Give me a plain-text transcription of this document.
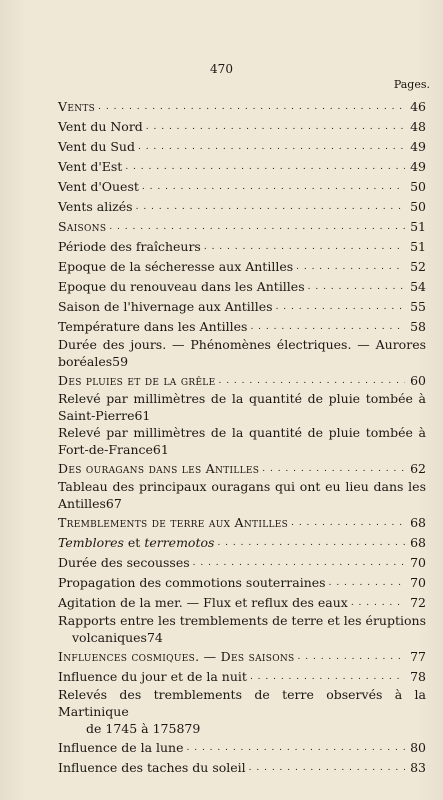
470
Pages.
Vents . . .	46
Vent du Nord . . .	48
Vent du Sud . . .	49
Vent d'Est . . .	49
Vent d'Ouest . . .	50
Vents alizés . . .	50
Saisons . . .	51
Période des fraîcheurs . . .	51
Epoque de la sécheresse aux Antilles . . .	52
Epoque du renouveau dans les Antilles . . .	54
Saison de l'hivernage aux Antilles . . .	55
Température dans les Antilles . . .	58
Durée des jours. — Phénomènes électriques. — Aurores
boréales 59
Des pluies et de la grêle . . .	60
Relevé par millimètres de la quantité de pluie tombée à
Saint-Pierre 61
Relevé par millimètres de la quantité de pluie tombée à
Fort-de-France 61
Des ouragans dans les Antilles . . .	62
Tableau des principaux ouragans qui ont eu lieu dans les
Antilles 67
Tremblements de terre aux Antilles . . .	68
Temblores et terremotos . . .	68
Durée des secousses . . .	70
Propagation des commotions souterraines . . .	70
Agitation de la mer. — Flux et reflux des eaux . . .	72
Rapports entre les tremblements de terre et les éruptions
volcaniques 74
Influences cosmiques. — Des saisons . . .	77
Influence du jour et de la nuit . . .	78
Relevés des tremblements de terre observés à la Martinique
de 1745 à 1758 79
Influence de la lune . . .	80
Influence des taches du soleil . . .	83
